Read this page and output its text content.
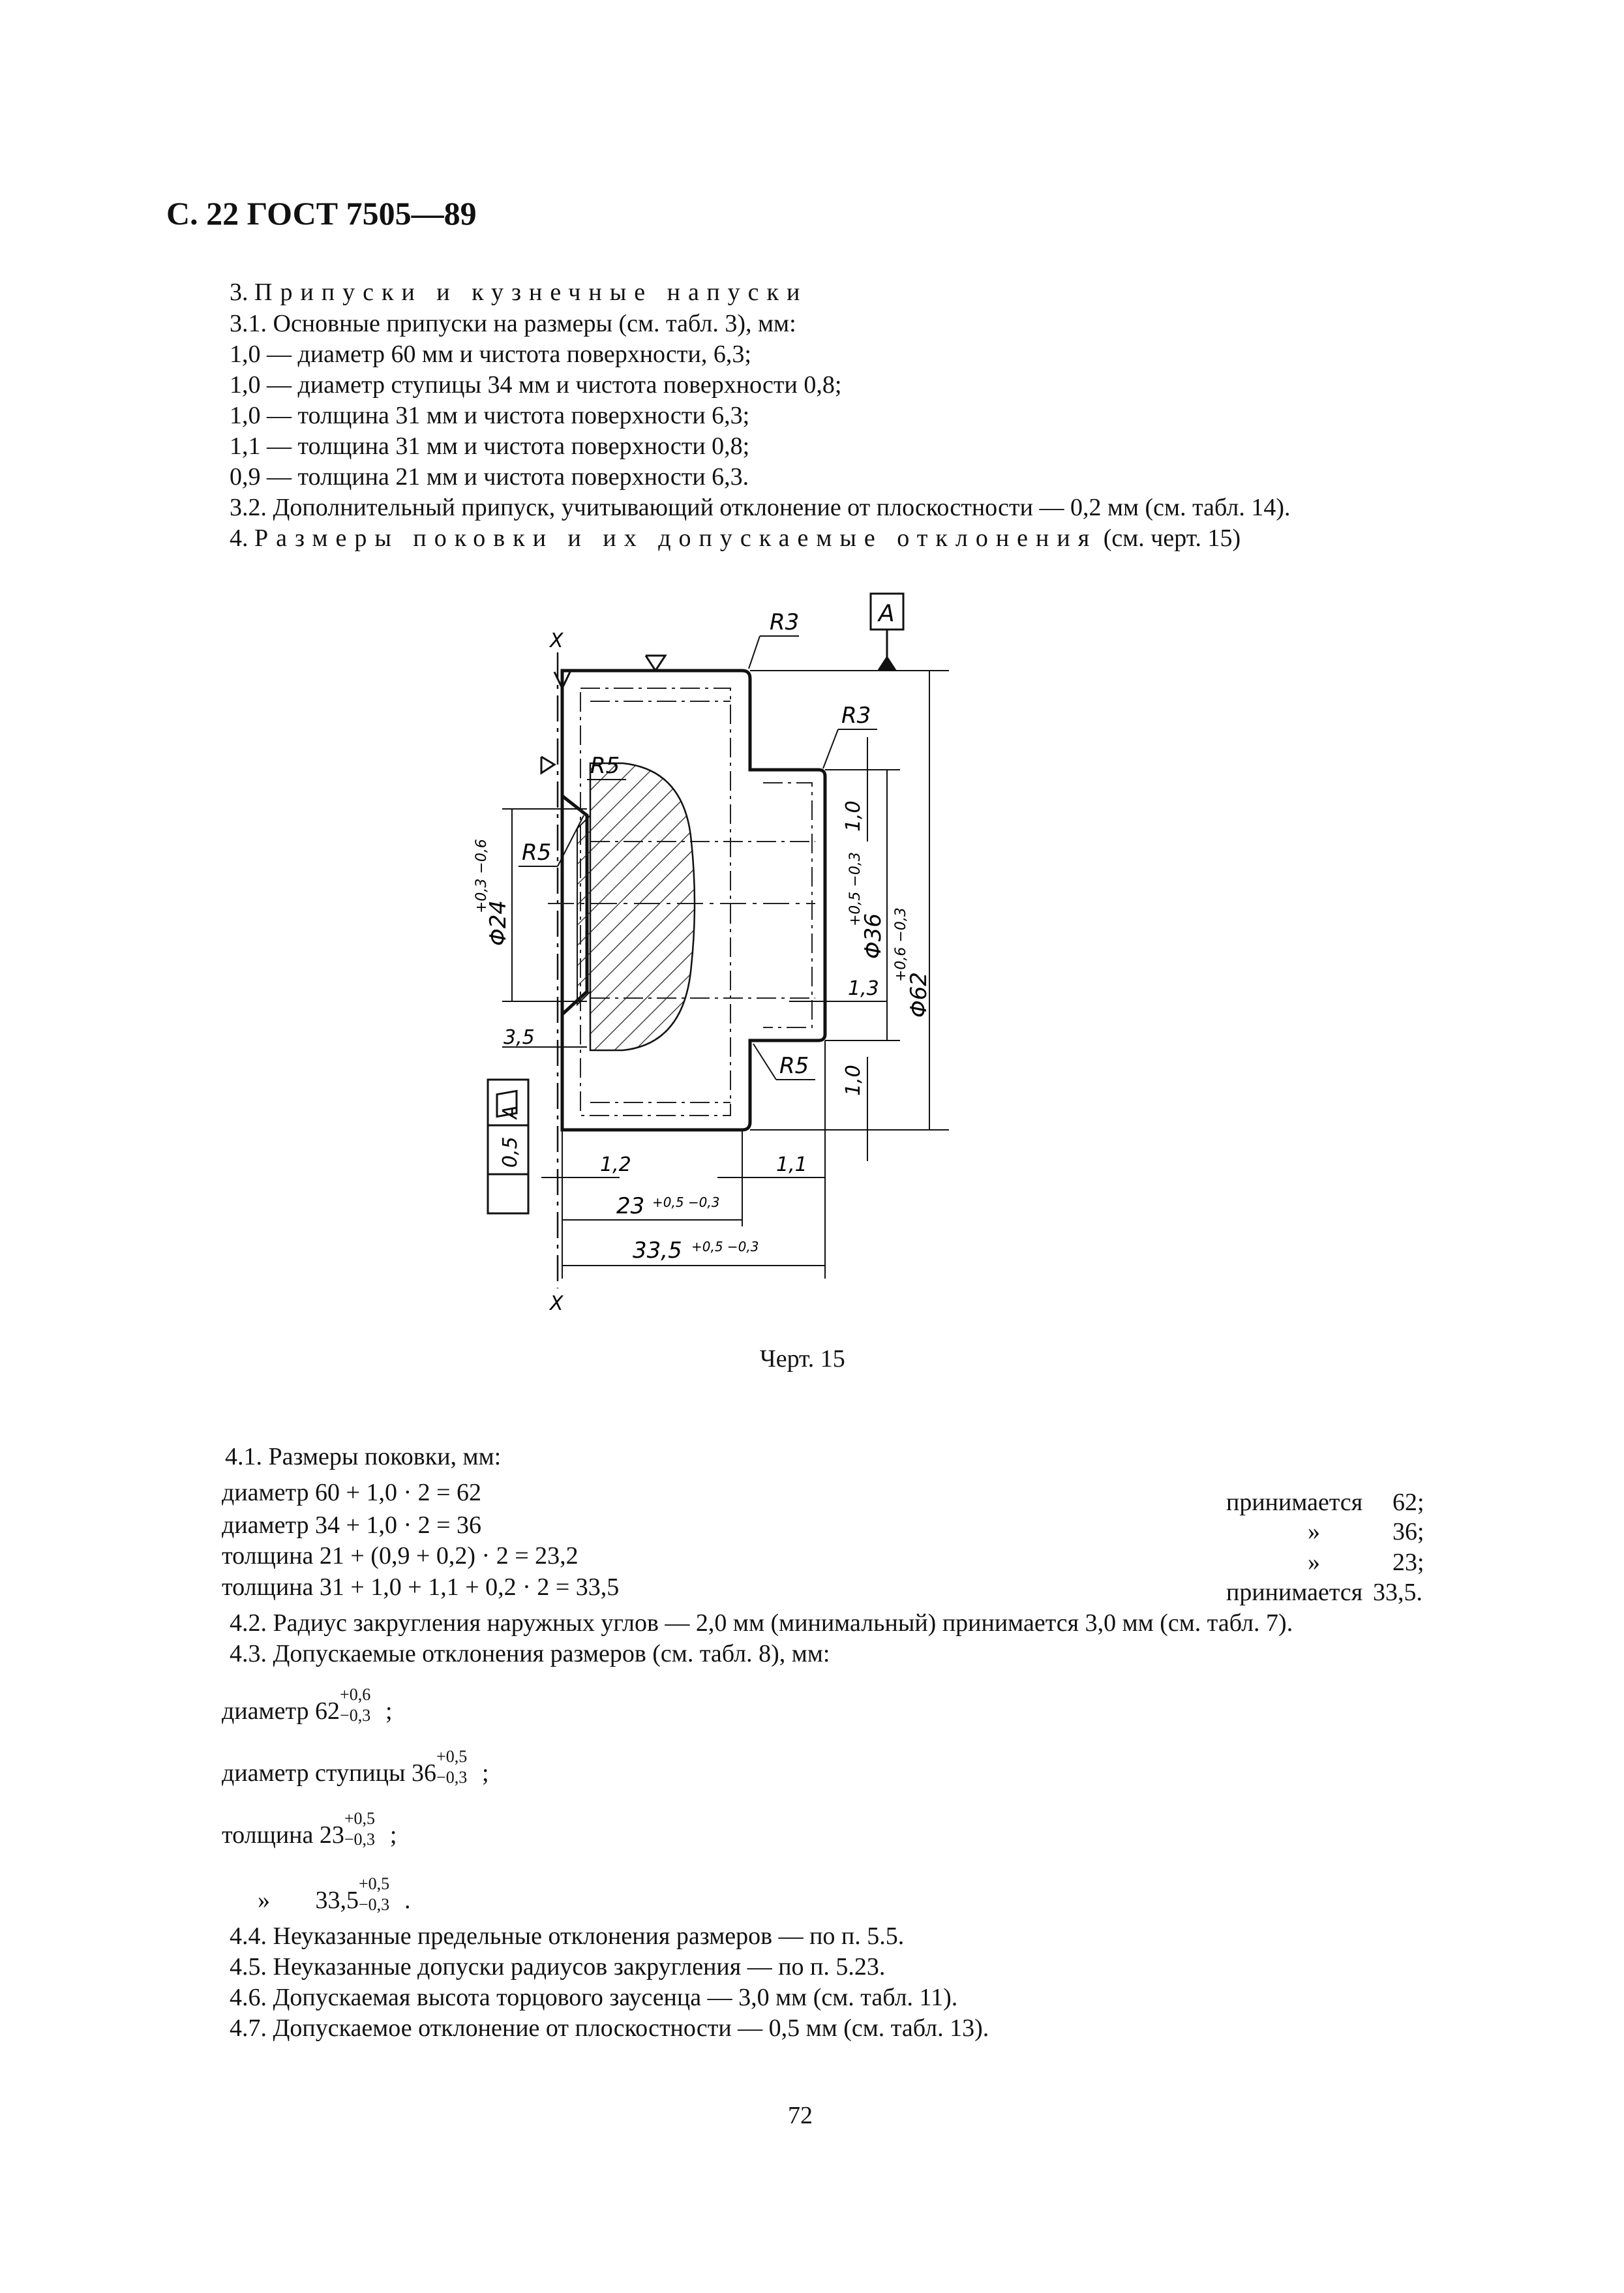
С. 22 ГОСТ 7505—89
3. Припуски и кузнечные напуски
3.1. Основные припуски на размеры (см. табл. 3), мм:
1,0 — диаметр 60 мм и чистота поверхности, 6,3;
1,0 — диаметр ступицы 34 мм и чистота поверхности 0,8;
1,0 — толщина 31 мм и чистота поверхности 6,3;
1,1 — толщина 31 мм и чистота поверхности 0,8;
0,9 — толщина 21 мм и чистота поверхности 6,3.
3.2. Дополнительный припуск, учитывающий отклонение от плоскостности — 0,2 мм (см. табл. 14).
4. Размеры поковки и их допускаемые отклонения (см. черт. 15)
X
X
А
R3
R3
R5
R5
R5
Φ24
+0,3 −0,6
Φ36
+0,5 −0,3
Φ62
+0,6 −0,3
1,0
1,0
1,3
3,5
А
0,5	1,2	1,1
23 +0,5 −0,3
33,5 +0,5 −0,3
Черт. 15
4.1. Размеры поковки, мм:
диаметр 60 + 1,0 · 2 = 62	принимается 62;
диаметр 34 + 1,0 · 2 = 36	»	36;
толщина 21 + (0,9 + 0,2) · 2 = 23,2	»	23;
толщина 31 + 1,0 + 1,1 + 0,2 · 2 = 33,5	принимается 33,5.
4.2. Радиус закругления наружных углов — 2,0 мм (минимальный) принимается 3,0 мм (см. табл. 7).
4.3. Допускаемые отклонения размеров (см. табл. 8), мм:
диаметр 62
+0,6
−0,3 ;
диаметр ступицы 36
+0,5
−0,3 ;
толщина 23
+0,5
−0,3 ;
» 33,5
+0,5
−0,3 .
4.4. Неуказанные предельные отклонения размеров — по п. 5.5.
4.5. Неуказанные допуски радиусов закругления — по п. 5.23.
4.6. Допускаемая высота торцового заусенца — 3,0 мм (см. табл. 11).
4.7. Допускаемое отклонение от плоскостности — 0,5 мм (см. табл. 13).
72
